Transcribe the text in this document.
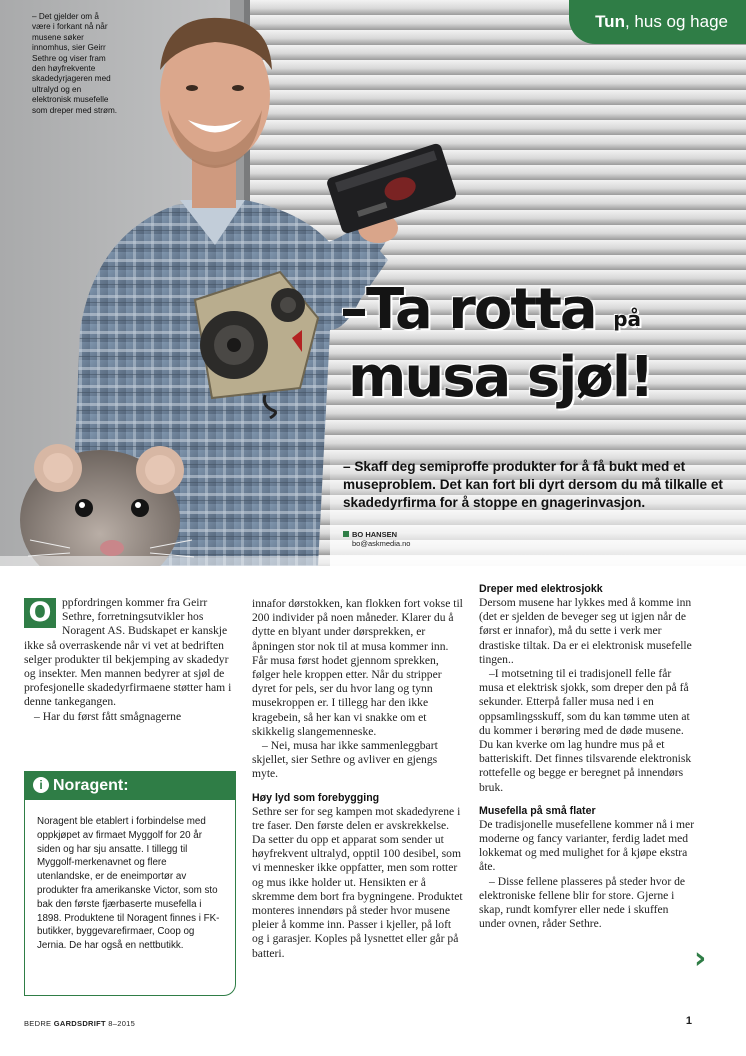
Tun, hus og hage
– Det gjelder om å være i forkant nå når musene søker innomhus, sier Geirr Sethre og viser fram den høyfrekvente skadedyrjageren med ultralyd og en elektronisk musefelle som dreper med strøm.
–Ta rotta på
musa sjøl!
– Skaff deg semiproffe produkter for å få bukt med et museproblem. Det kan fort bli dyrt dersom du må tilkalle et skadedyrfirma for å stoppe en gnagerinvasjon.
BO HANSEN
bo@askmedia.no

O ppfordringen kommer fra Geirr Sethre, forretningsutvikler hos Noragent AS. Budskapet er kanskje ikke så overraskende når vi vet at bedriften selger produkter til bekjemping av skadedyr og insekter. Men mannen bedyrer at sjøl de profesjonelle skadedyrfirmaene støtter ham i denne tankegangen.

– Har du først fått smågnagerne

i Noragent:
Noragent ble etablert i forbindelse med oppkjøpet av firmaet Myggolf for 20 år siden og har sju ansatte. I tillegg til Myggolf-merkenavnet og flere utenlandske, er de eneimportør av produkter fra amerikanske Victor, som sto bak den første fjærbaserte musefella i 1898. Produktene til Noragent finnes i FK-butikker, byggevarefirmaer, Coop og Jernia. De har også en nettbutikk.

innafor dørstokken, kan flokken fort vokse til 200 individer på noen måneder. Klarer du å dytte en blyant under dørsprekken, er åpningen stor nok til at musa kommer inn. Får musa først hodet gjennom sprekken, følger hele kroppen etter. Når du stripper dyret for pels, ser du hvor lang og tynn musekroppen er. I tillegg har den ikke kragebein, så her kan vi snakke om et skikkelig slangemenneske.

– Nei, musa har ikke sammenleggbart skjellet, sier Sethre og avliver en gjengs myte.

Høy lyd som forebygging

Sethre ser for seg kampen mot skadedyrene i tre faser. Den første delen er avskrekkelse. Da setter du opp et apparat som sender ut høyfrekvent ultralyd, opptil 100 desibel, som vi mennesker ikke oppfatter, men som rotter og mus ikke holder ut. Hensikten er å skremme dem bort fra bygningene. Produktet monteres innendørs på steder hvor musene pleier å komme inn. Passer i kjeller, på loft og i garasjer. Koples på lysnettet eller går på batteri.

Dreper med elektrosjokk

Dersom musene har lykkes med å komme inn (det er sjelden de beveger seg ut igjen når de først er innafor), må du sette i verk mer drastiske tiltak. Da er ei elektronisk musefelle tingen..

–I motsetning til ei tradisjonell felle får musa et elektrisk sjokk, som dreper den på få sekunder. Etterpå faller musa ned i en oppsamlingsskuff, som du kan tømme uten at du kommer i berøring med de døde musene. Du kan kverke om lag hundre mus på et batteriskift. Det finnes tilsvarende elektronisk rottefelle og begge er beregnet på innendørs bruk.

Musefella på små flater

De tradisjonelle musefellene kommer nå i mer moderne og fancy varianter, ferdig ladet med lokkemat og med mulighet for å kjøpe ekstra åte.

– Disse fellene plasseres på steder hvor de elektroniske fellene blir for store. Gjerne i skap, rundt komfyrer eller nede i skuffen under ovnen, råder Sethre.

›
BEDRE GARDSDRIFT 8–2015	1
